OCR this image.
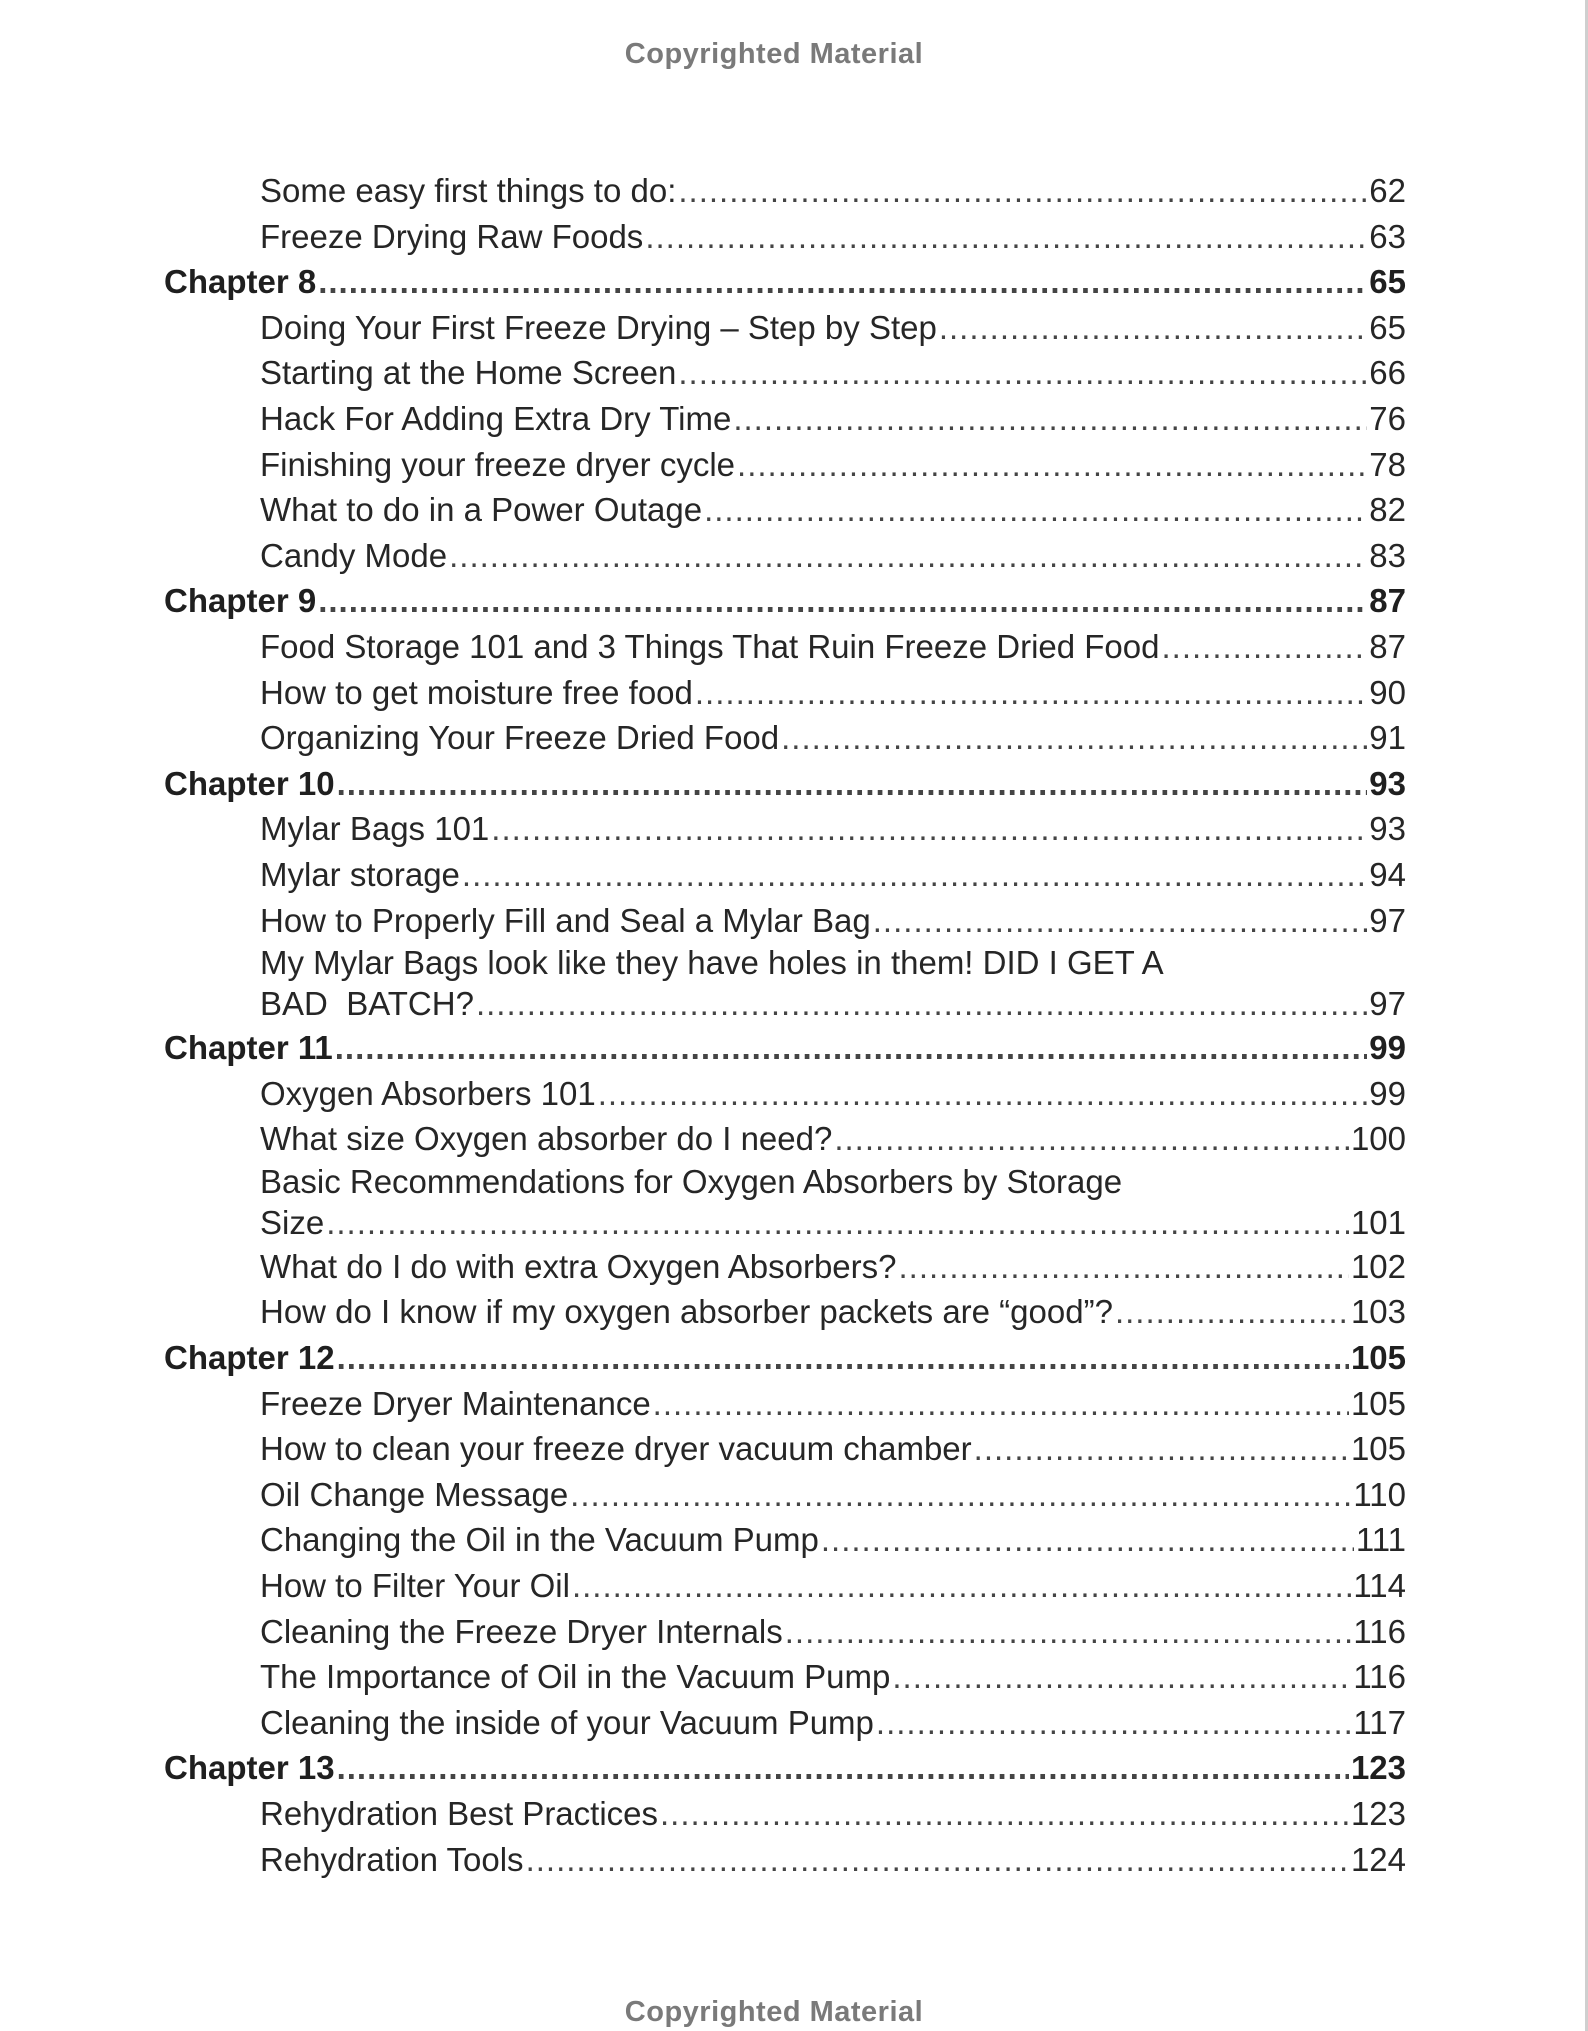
Copyrighted Material
Some easy first things to do: .....	62
Freeze Drying Raw Foods .....	63
Chapter 8 .....	65
Doing Your First Freeze Drying – Step by Step .....	65
Starting at the Home Screen .....	66
Hack For Adding Extra Dry Time .....	76
Finishing your freeze dryer cycle .....	78
What to do in a Power Outage .....	82
Candy Mode .....	83
Chapter 9 .....	87
Food Storage 101 and 3 Things That Ruin Freeze Dried Food .....	87
How to get moisture free food .....	90
Organizing Your Freeze Dried Food .....	91
Chapter 10 .....	93
Mylar Bags 101 .....	93
Mylar storage .....	94
How to Properly Fill and Seal a Mylar Bag .....	97
My Mylar Bags look like they have holes in them! DID I GET A
BAD  BATCH? .....	97
Chapter 11 .....	99
Oxygen Absorbers 101 .....	99
What size Oxygen absorber do I need? .....	100
Basic Recommendations for Oxygen Absorbers by Storage
Size .....	101
What do I do with extra Oxygen Absorbers? .....	102
How do I know if my oxygen absorber packets are “good”? .....	103
Chapter 12 .....	105
Freeze Dryer Maintenance .....	105
How to clean your freeze dryer vacuum chamber .....	105
Oil Change Message .....	110
Changing the Oil in the Vacuum Pump .....	111
How to Filter Your Oil .....	114
Cleaning the Freeze Dryer Internals .....	116
The Importance of Oil in the Vacuum Pump .....	116
Cleaning the inside of your Vacuum Pump .....	117
Chapter 13 .....	123
Rehydration Best Practices .....	123
Rehydration Tools .....	124
Copyrighted Material
